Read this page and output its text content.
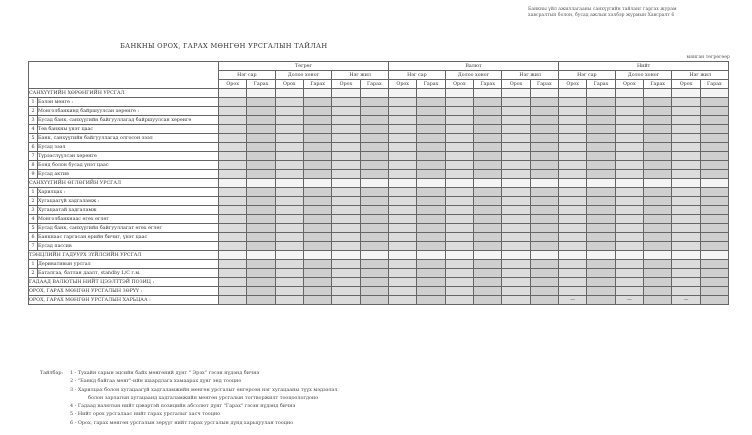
Банкны үйл ажиллагааны санхүүгийн тайланг гаргах журам
хавсралтын болон, бусад ажлын хэлбэр журмын Хавсралт 6
БАНКНЫ ОРОХ, ГАРАХ МӨНГӨН УРСГАЛЫН ТАЙЛАН
мянган төгрөгөөр
		Төгрөг						Валют						Нийт					
		Нэг сар		Долоо хоног		Нэг жил		Нэг сар		Долоо хоног		Нэг жил		Нэг сар		Долоо хоног		Нэг жил	
		Орох	Гарах	Орох	Гарах	Орох	Гарах	Орох	Гарах	Орох	Гарах	Орох	Гарах	Орох	Гарах	Орох	Гарах	Орох	Гарах
САНХҮҮГИЙН ХӨРӨНГИЙН УРСГАЛ																			
1	Бэлэн мөнгө :																		
2	Монголбанкинд байршуулсан хөрөнгө :																		
3	Бусад банк, санхүүгийн байгууллагад байршуулсан хөрөнгө																		
4	Төв банкны үнэт цаас																		
5	Банк, санхүүгийн байгууллагад олгосон зээл																		
6	Бусад зээл																		
7	Түрээслүүлсэн хөрөнгө																		
8	Бонд болон бусад үнэт цаас																		
9	Бусад актив																		
САНХҮҮГИЙН ӨГЛӨГИЙН УРСГАЛ																			
1	Харилцах :																		
2	Хугацаагүй хадгаламж :																		
3	Хугацаатай хадгаламж																		
4	Монголбанкнаас өгөх өглөг																		
5	Бусад банк, санхүүгийн байгууллагат өгөх өглөг																		
6	Банкнаас гаргасан өрийн бичиг, үнэт цаас																		
7	Бусад пассив																		
ТЭНЦЛИЙН ГАДУУРХ ЗҮЙЛСИЙН УРСГАЛ																			
1	Деривативын урсгал																		
2	Баталгаа, батлан даалт, standby L/C г.м.																		
ГАДААД ВАЛЮТЫН НИЙТ ЦЭЭЛТТЭЙ ПОЗИЦ :																			
ОРОХ, ГАРАХ МӨНГӨН УРСГАЛЫН ЗӨРҮҮ :																			
ОРОХ, ГАРАХ МӨНГӨН УРСГАЛЫН ХАРЬЦАА :														—		—		—	
Тайлбар:	1 - Тухайн сарын эцсийн байх мөнгөний дүнг " Эрэх" гэсэн нүдэнд бичнэ
2 - "Банкд байгаа мөнг"-ийн шаардлага хамаарах дүнг энд тооцно
3 - Харилцах болон хугацаагүй хадгаламжийн мөнгөн урсгалыг өнгөрсөн нэг хугацааны түүх мэдээлэл
болон зарлагын хугацаанд хадгаламжийн мөнгөн урсгалын тогтворжилт тооцоологдоно
4 - Гадаад валютын нийт цэвэртэй позицийн абсолют дүнг "Гарах" гэсэн нүдэнд бичнэ
5 - Нийт орох урсгалаас нийт гарах урсгалыг хасч тооцно
6 - Орох, гарах мөнгөн урсгалын зөрүүг нийт гарах урсгалын дүнд харьцуулан тооцно
